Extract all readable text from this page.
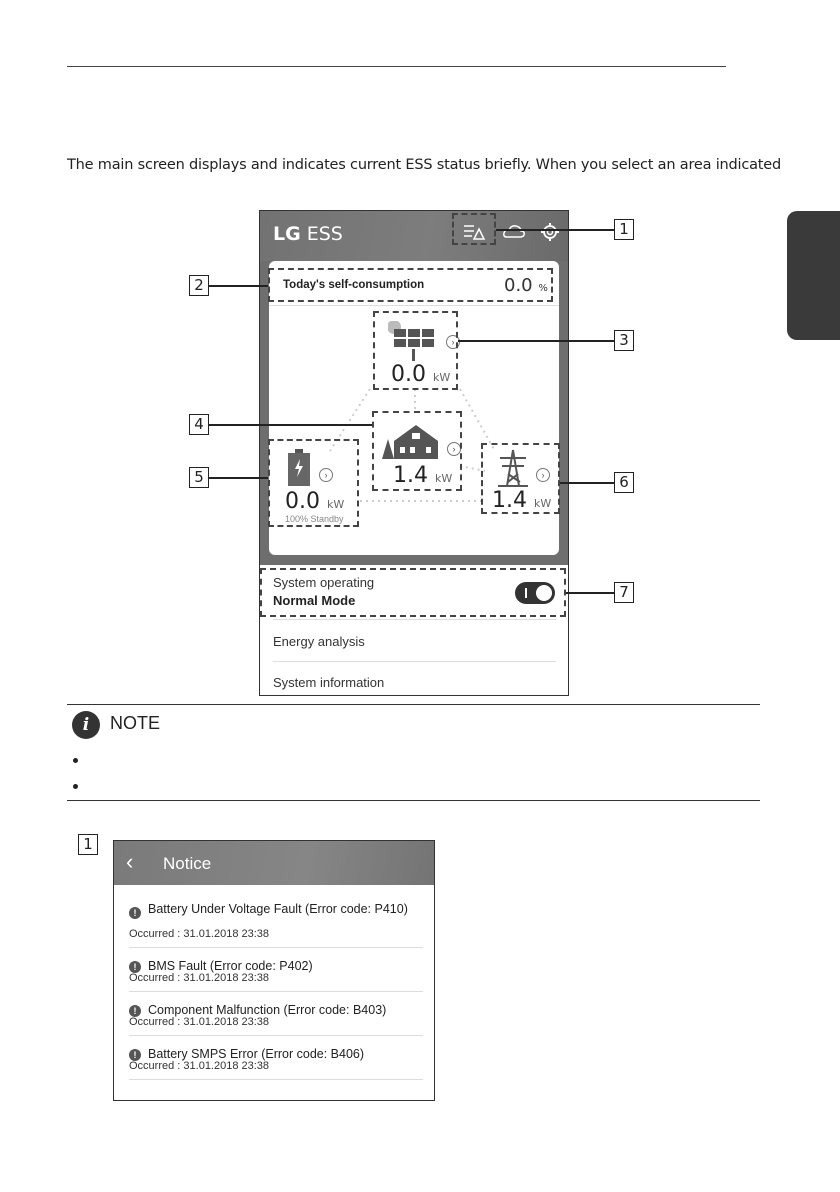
The main screen displays and indicates current ESS status briefly. When you select an area indicated
LG ESS
Today's self-consumption	0.0 %
›
0.0 kW
›
1.4 kW
›
0.0 kW
100% Standby
›
1.4 kW
System operating
Normal Mode
Energy analysis
System information
1
2
3
4
5	6
7
i	NOTE
1
‹ Notice
! Battery Under Voltage Fault (Error code: P410)
Occurred : 31.01.2018 23:38
! BMS Fault (Error code: P402)
Occurred : 31.01.2018 23:38
! Component Malfunction (Error code: B403)
Occurred : 31.01.2018 23:38
! Battery SMPS Error (Error code: B406)
Occurred : 31.01.2018 23:38
